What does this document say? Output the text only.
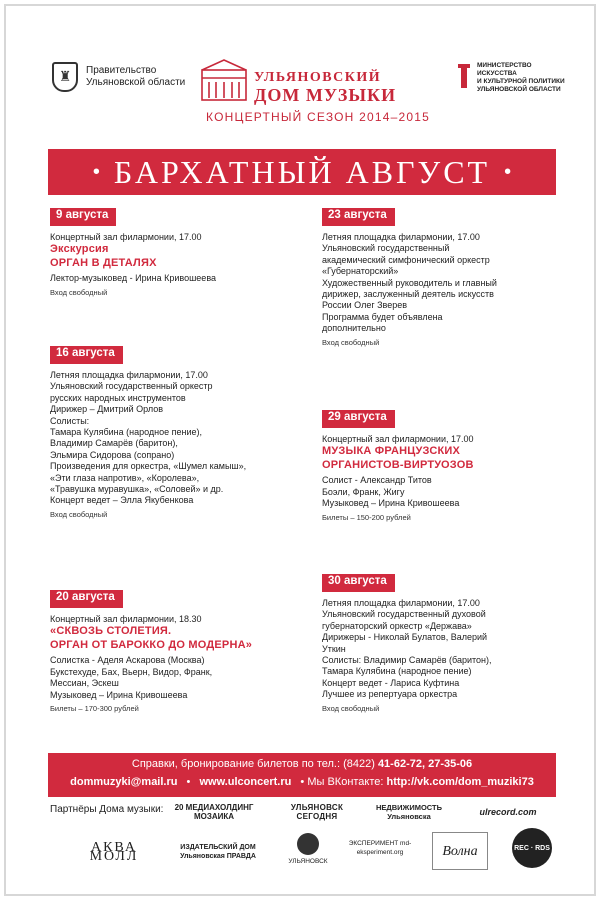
♜	Правительство
Ульяновской области	УЛЬЯНОВСКИЙ
ДОМ МУЗЫКИ
КОНЦЕРТНЫЙ СЕЗОН 2014–2015
МИНИСТЕРСТВО ИСКУССТВА
И КУЛЬТУРНОЙ ПОЛИТИКИ
УЛЬЯНОВСКОЙ ОБЛАСТИ
• БАРХАТНЫЙ АВГУСТ •
9 августа
Концертный зал филармонии, 17.00
Экскурсия
ОРГАН В ДЕТАЛЯХ
Лектор-музыковед - Ирина Кривошеева
Вход свободный
16 августа
Летняя площадка филармонии, 17.00
Ульяновский государственный оркестр
русских народных инструментов
Дирижер – Дмитрий Орлов
Солисты:
Тамара Кулябина (народное пение),
Владимир Самарёв (баритон),
Эльмира Сидорова (сопрано)
Произведения для оркестра, «Шумел камыш»,
«Эти глаза напротив», «Королева»,
«Травушка муравушка», «Соловей» и др.
Концерт ведет – Элла Якубенкова
Вход свободный
20 августа
Концертный зал филармонии, 18.30
«СКВОЗЬ СТОЛЕТИЯ.
ОРГАН ОТ БАРОККО ДО МОДЕРНА»
Солистка - Аделя Аскарова (Москва)
Букстехуде, Бах, Вьерн, Видор, Франк,
Мессиан, Эскеш
Музыковед – Ирина Кривошеева
Билеты – 170-300 рублей
23 августа
Летняя площадка филармонии, 17.00
Ульяновский государственный
академический симфонический оркестр
«Губернаторский»
Художественный руководитель и главный
дирижер, заслуженный деятель искусств
России Олег Зверев
Программа будет объявлена
дополнительно
Вход свободный
29 августа
Концертный зал филармонии, 17.00
МУЗЫКА ФРАНЦУЗСКИХ
ОРГАНИСТОВ-ВИРТУОЗОВ
Солист - Александр Титов
Боэли, Франк, Жигу
Музыковед – Ирина Кривошеева
Билеты – 150-200 рублей
30 августа
Летняя площадка филармонии, 17.00
Ульяновский государственный духовой
губернаторский оркестр «Держава»
Дирижеры - Николай Булатов, Валерий
Уткин
Солисты: Владимир Самарёв (баритон),
Тамара Кулябина (народное пение)
Концерт ведет - Лариса Куфтина
Лучшее из репертуара оркестра
Вход свободный
Справки, бронирование билетов по тел.: (8422) 41-62-72, 27-35-06
dommuzyki@mail.ru • www.ulconcert.ru • Мы ВКонтакте: http://vk.com/dom_muziki73
Партнёры Дома музыки: 20 МЕДИАХОЛДИНГ МОЗАИКА
УЛЬЯНОВСК СЕГОДНЯ
НЕДВИЖИМОСТЬ Ульяновска	ulrecord.com
АКВА МОЛЛ
ИЗДАТЕЛЬСКИЙ ДОМ Ульяновская ПРАВДА
УЛЬЯНОВСК
ЭКСПЕРИМЕНТ md-eksperiment.org	Волна	REC · RDS
